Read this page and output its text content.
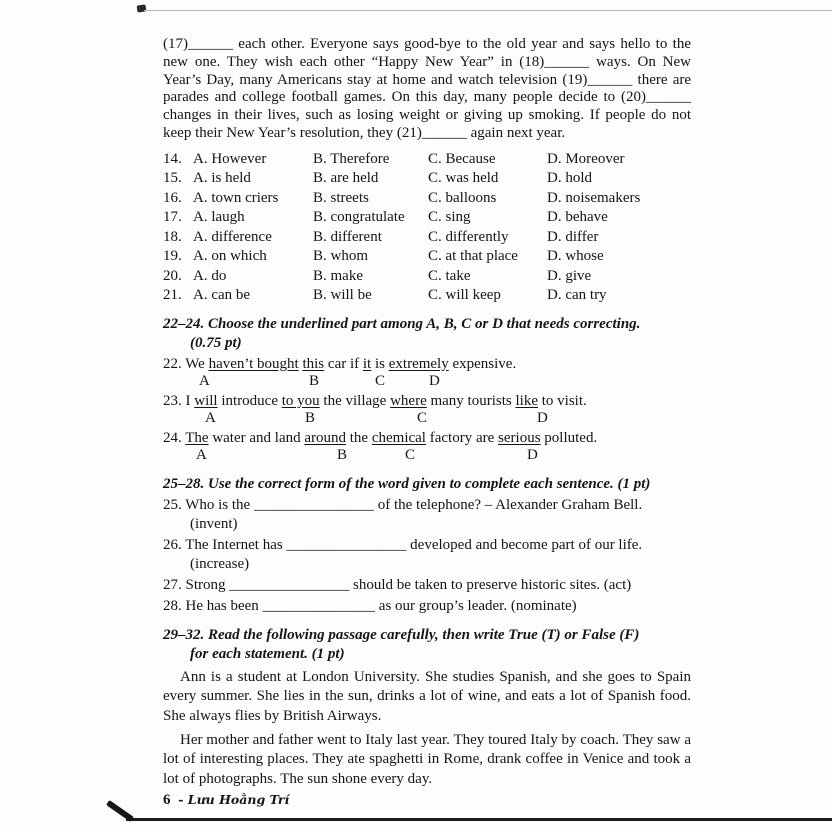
(17)______ each other. Everyone says good-bye to the old year and says hello to the new one. They wish each other “Happy New Year” in (18)______ ways. On New Year’s Day, many Americans stay at home and watch television (19)______ there are parades and college football games. On this day, many people decide to (20)______ changes in their lives, such as losing weight or giving up smoking. If people do not keep their New Year’s resolution, they (21)______ again next year.

14. A. However	B. Therefore	C. Because	D. Moreover
15. A. is held	B. are held	C. was held	D. hold
16. A. town criers	B. streets	C. balloons	D. noisemakers
17. A. laugh	B. congratulate	C. sing	D. behave
18. A. difference	B. different	C. differently	D. differ
19. A. on which	B. whom	C. at that place	D. whose
20. A. do	B. make	C. take	D. give
21. A. can be	B. will be	C. will keep	D. can try
22–24. Choose the underlined part among A, B, C or D that needs correcting.
(0.75 pt)
22. We haven’t bought this car if it is extremely expensive.
A	B	C	D
23. I will introduce to you the village where many tourists like to visit.
A	B	C	D
24. The water and land around the chemical factory are serious polluted.
A	B	C	D
25–28. Use the correct form of the word given to complete each sentence. (1 pt)
25. Who is the ________________ of the telephone? – Alexander Graham Bell.
(invent)
26. The Internet has ________________ developed and become part of our life.
(increase)
27. Strong ________________ should be taken to preserve historic sites. (act)
28. He has been _______________ as our group’s leader. (nominate)
29–32. Read the following passage carefully, then write True (T) or False (F)
for each statement. (1 pt)

Ann is a student at London University. She studies Spanish, and she goes to Spain every summer. She lies in the sun, drinks a lot of wine, and eats a lot of Spanish food. She always flies by British Airways.

Her mother and father went to Italy last year. They toured Italy by coach. They saw a lot of interesting places. They ate spaghetti in Rome, drank coffee in Venice and took a lot of photographs. The sun shone every day.

6 - Lưu Hoằng Trí
